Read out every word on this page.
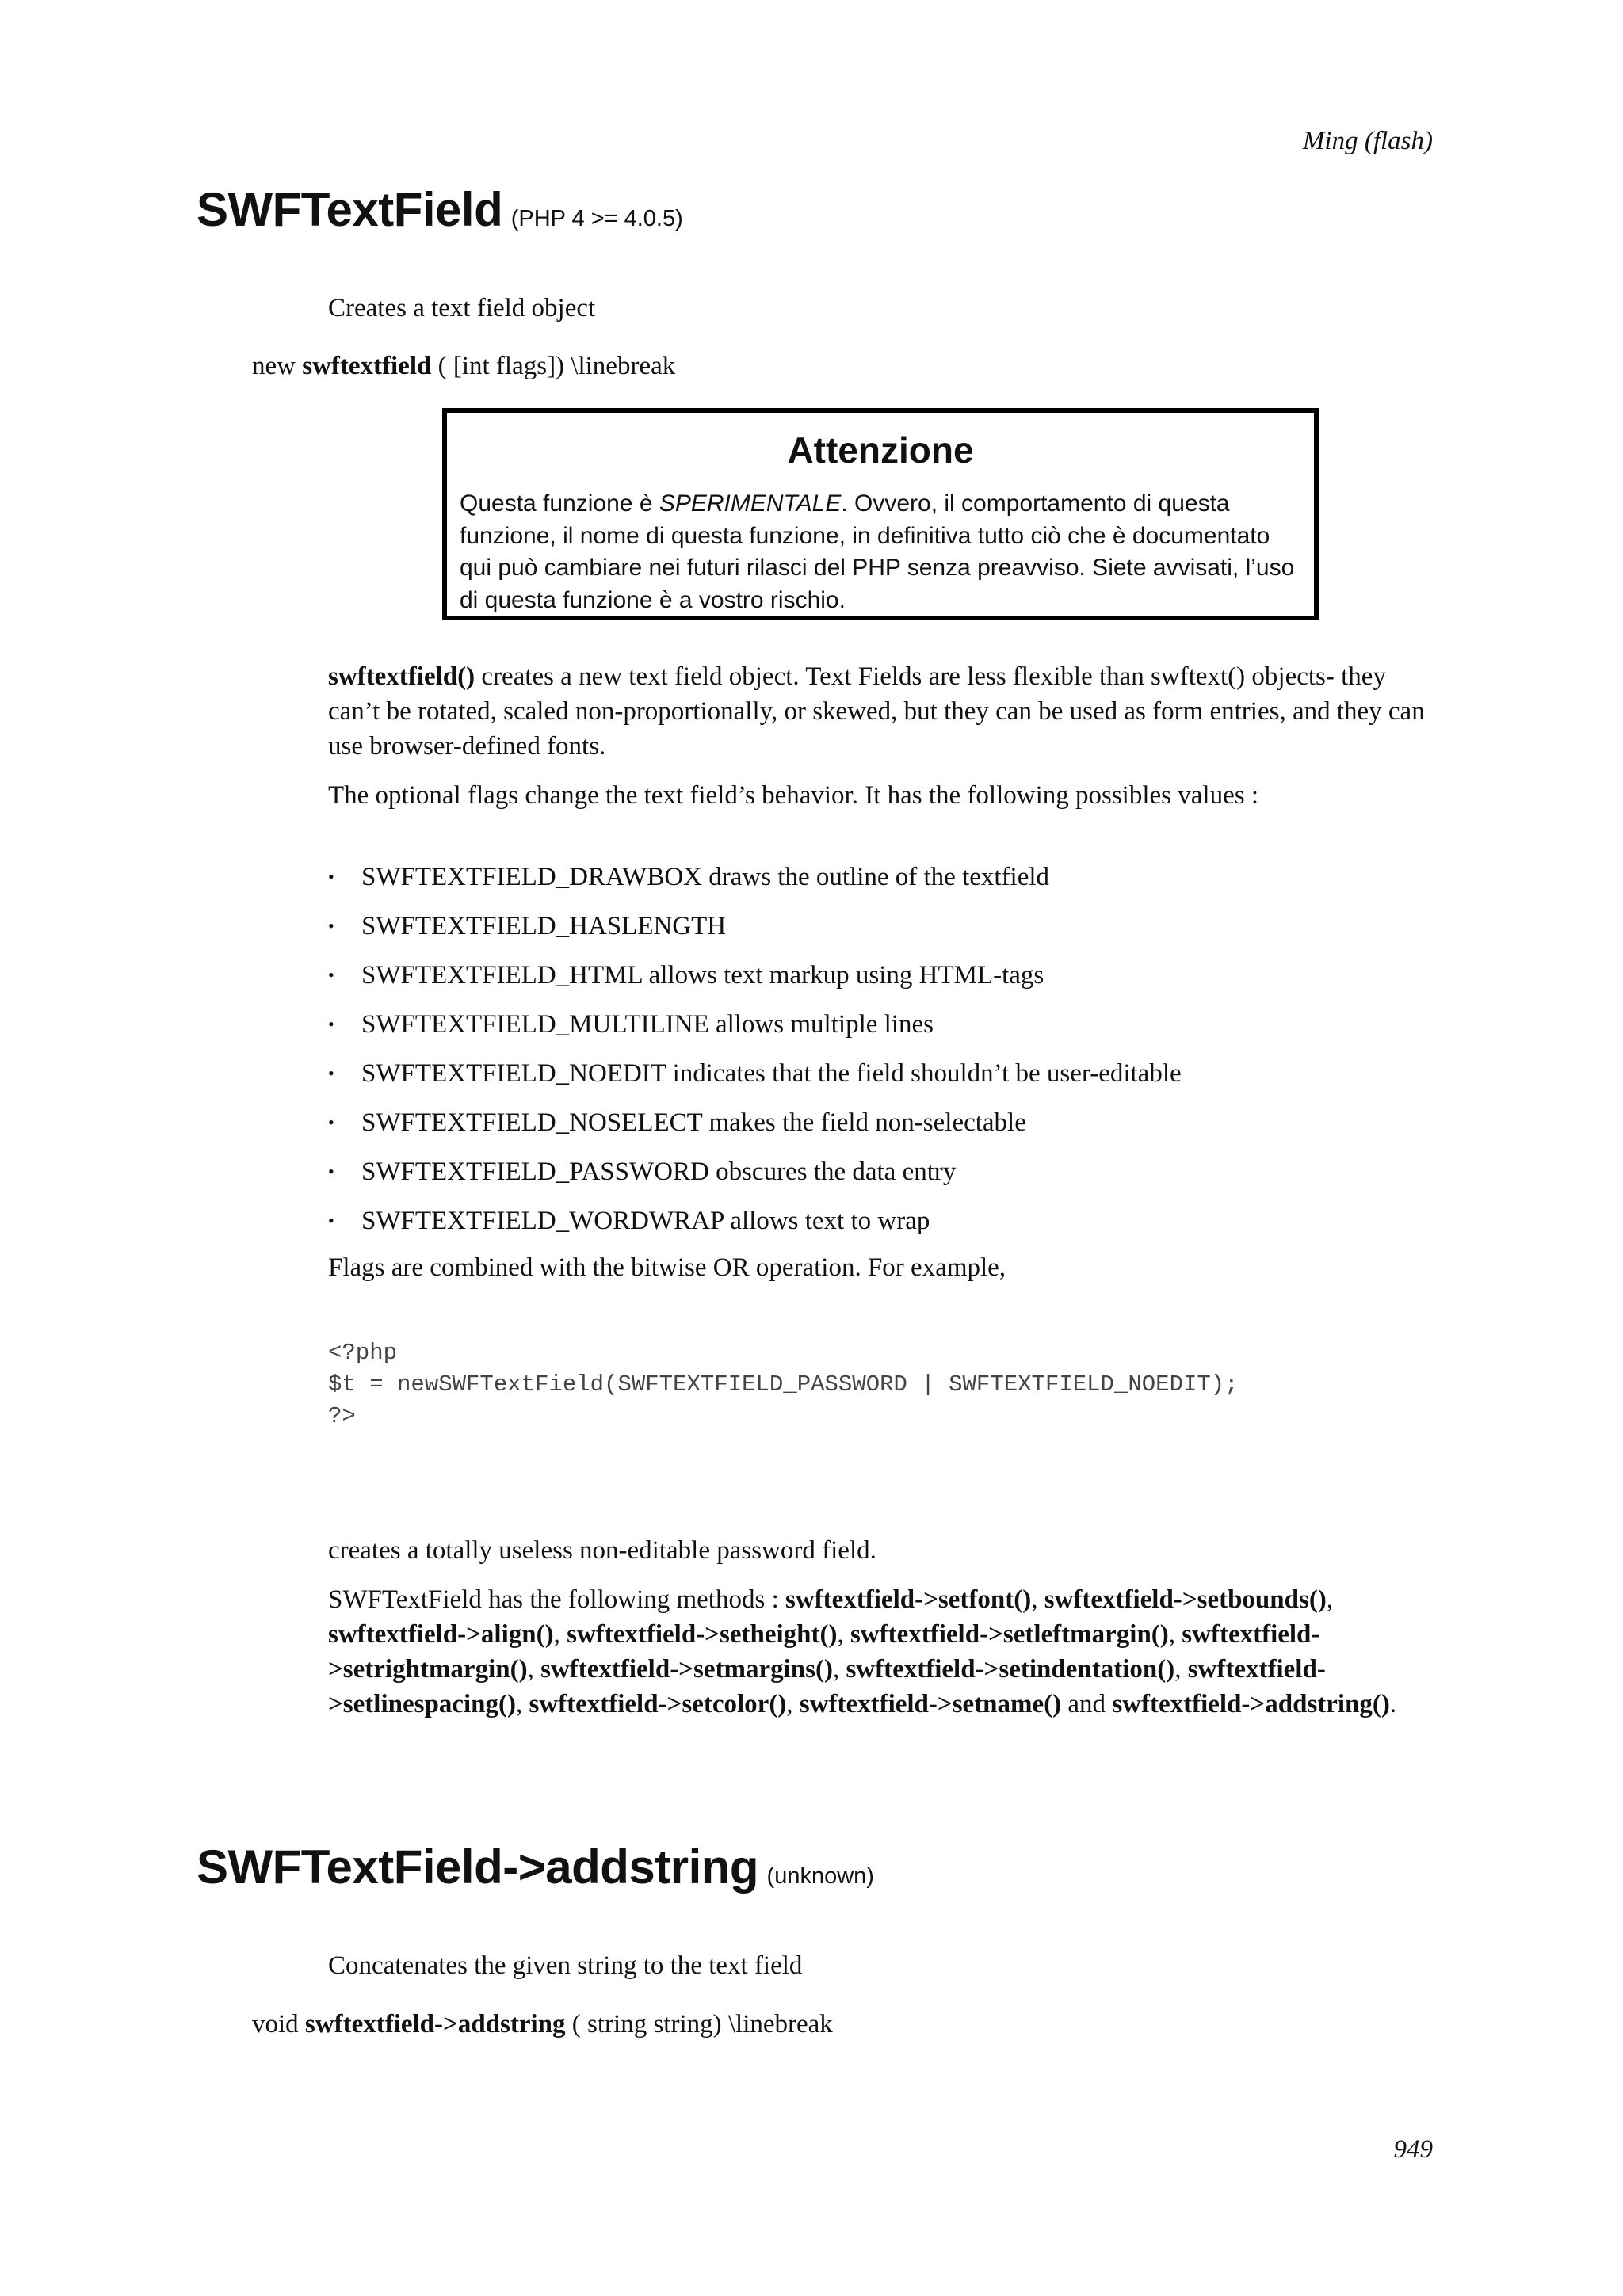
Ming (flash)
SWFTextField (PHP 4 >= 4.0.5)
Creates a text field object
new swftextfield ( [int flags]) \linebreak
Attenzione
Questa funzione è SPERIMENTALE. Ovvero, il comportamento di questa funzione, il nome di questa funzione, in definitiva tutto ciò che è documentato qui può cambiare nei futuri rilasci del PHP senza preavviso. Siete avvisati, l’uso di questa funzione è a vostro rischio.
swftextfield() creates a new text field object. Text Fields are less flexible than swftext() objects- they can’t be rotated, scaled non-proportionally, or skewed, but they can be used as form entries, and they can use browser-defined fonts.
The optional flags change the text field’s behavior. It has the following possibles values :
• SWFTEXTFIELD_DRAWBOX draws the outline of the textfield
• SWFTEXTFIELD_HASLENGTH
• SWFTEXTFIELD_HTML allows text markup using HTML-tags
• SWFTEXTFIELD_MULTILINE allows multiple lines
• SWFTEXTFIELD_NOEDIT indicates that the field shouldn’t be user-editable
• SWFTEXTFIELD_NOSELECT makes the field non-selectable
• SWFTEXTFIELD_PASSWORD obscures the data entry
• SWFTEXTFIELD_WORDWRAP allows text to wrap
Flags are combined with the bitwise OR operation. For example,
<?php
$t = newSWFTextField(SWFTEXTFIELD_PASSWORD | SWFTEXTFIELD_NOEDIT);
?>
creates a totally useless non-editable password field.
SWFTextField has the following methods : swftextfield->setfont(), swftextfield->setbounds(), swftextfield->align(), swftextfield->setheight(), swftextfield->setleftmargin(), swftextfield->setrightmargin(), swftextfield->setmargins(), swftextfield->setindentation(), swftextfield->setlinespacing(), swftextfield->setcolor(), swftextfield->setname() and swftextfield->addstring().
SWFTextField->addstring (unknown)
Concatenates the given string to the text field
void swftextfield->addstring ( string string) \linebreak
949
